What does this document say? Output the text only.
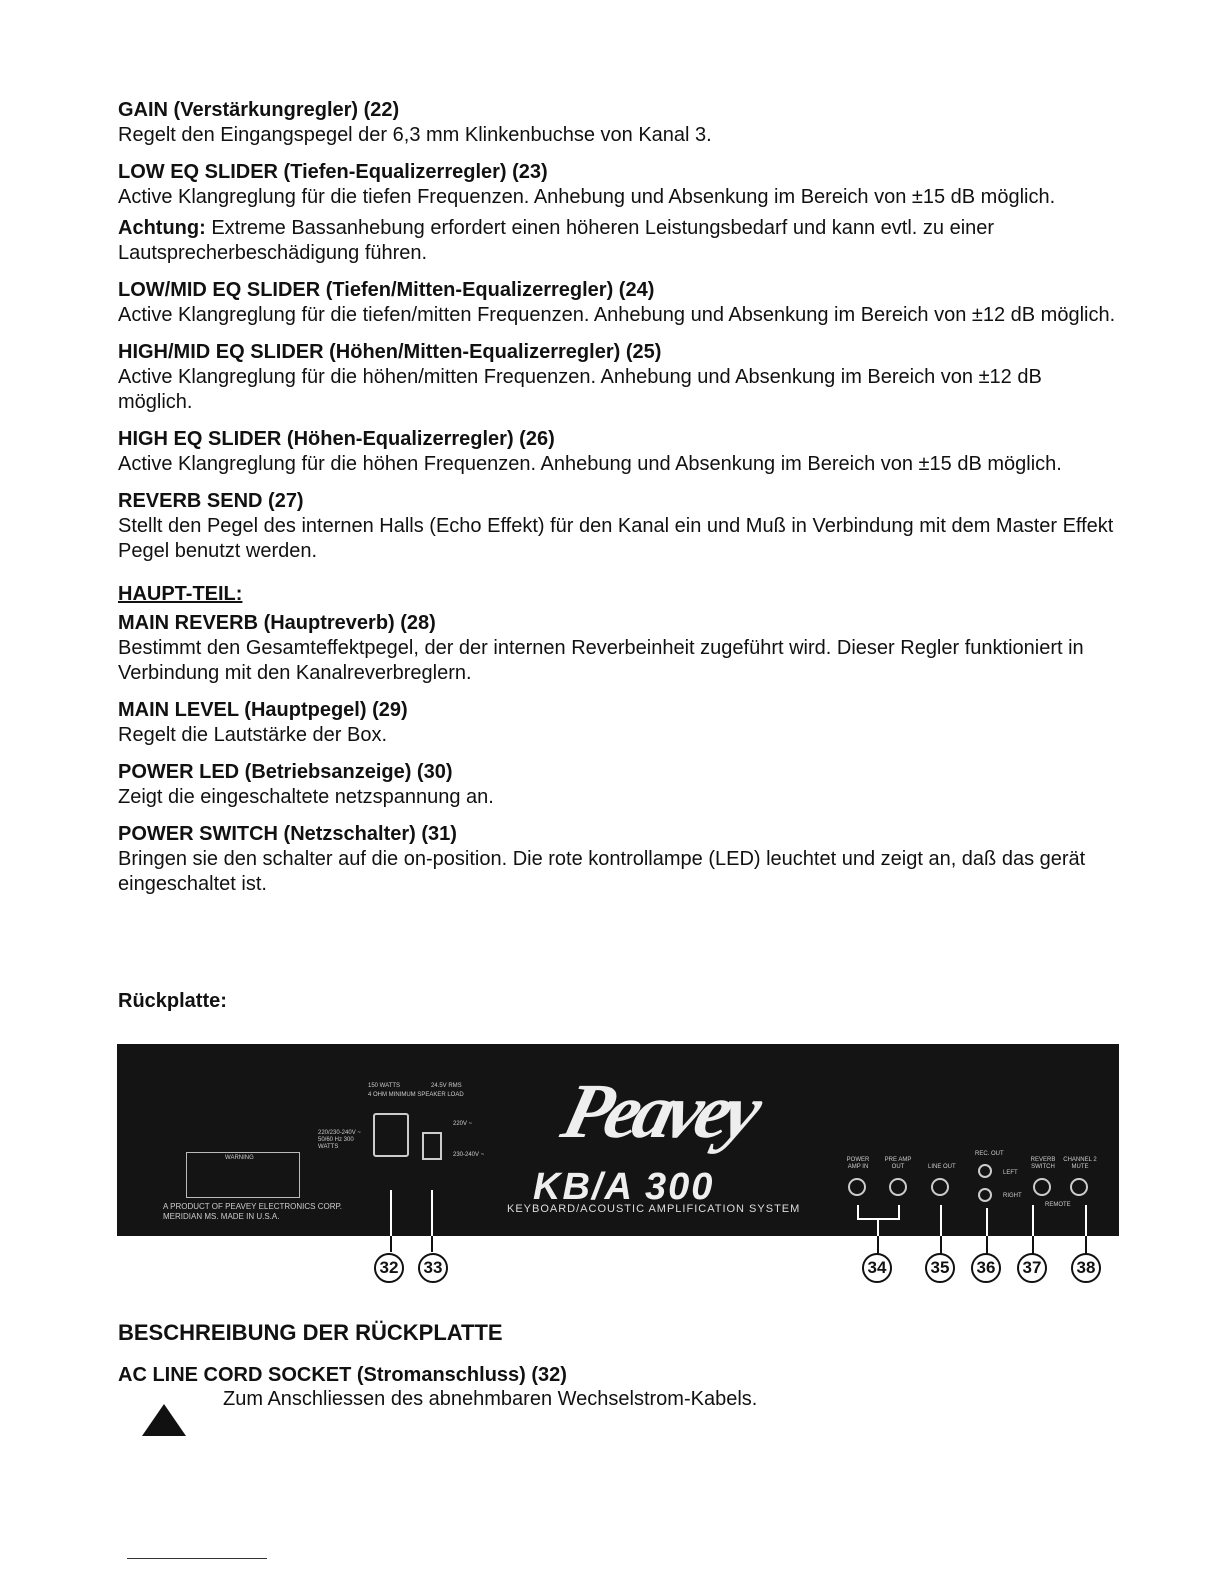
GAIN (Verstärkungregler) (22)

Regelt den Eingangspegel der 6,3 mm Klinkenbuchse von Kanal 3.

LOW EQ SLIDER (Tiefen-Equalizerregler) (23)

Active Klangreglung für die tiefen Frequenzen. Anhebung und Absenkung im Bereich von ±15 dB möglich.

Achtung: Extreme Bassanhebung erfordert einen höheren Leistungsbedarf und kann evtl. zu einer Lautsprecherbeschädigung führen.

LOW/MID EQ SLIDER (Tiefen/Mitten-Equalizerregler) (24)

Active Klangreglung für die tiefen/mitten Frequenzen. Anhebung und Absenkung im Bereich von ±12 dB möglich.

HIGH/MID EQ SLIDER (Höhen/Mitten-Equalizerregler) (25)

Active Klangreglung für die höhen/mitten Frequenzen. Anhebung und Absenkung im Bereich von ±12 dB möglich.

HIGH EQ SLIDER (Höhen-Equalizerregler) (26)

Active Klangreglung für die höhen Frequenzen. Anhebung und Absenkung im Bereich von ±15 dB möglich.

REVERB SEND (27)

Stellt den Pegel des internen Halls (Echo Effekt) für den Kanal ein und Muß in Verbindung mit dem Master Effekt Pegel benutzt werden.

HAUPT-TEIL:
MAIN REVERB (Hauptreverb) (28)

Bestimmt den Gesamteffektpegel, der der internen Reverbeinheit zugeführt wird. Dieser Regler funktioniert in Verbindung mit den Kanalreverbreglern.

MAIN LEVEL (Hauptpegel) (29)

Regelt die Lautstärke der Box.

POWER LED (Betriebsanzeige) (30)

Zeigt die eingeschaltete netzspannung an.

POWER SWITCH (Netzschalter) (31)

Bringen sie den schalter auf die on-position. Die rote kontrollampe (LED) leuchtet und zeigt an, daß das gerät eingeschaltet ist.

Rückplatte:
Peavey
KB/A 300
KEYBOARD/ACOUSTIC AMPLIFICATION SYSTEM
A PRODUCT OF PEAVEY ELECTRONICS CORP.
MERIDIAN MS. MADE IN U.S.A.
WARNING
150 WATTS	24.5V RMS
4 OHM MINIMUM SPEAKER LOAD
220/230-240V ~ 50/60 Hz 300 WATTS
220V ~
230-240V ~
POWER AMP IN
PRE AMP OUT	LINE OUT
REC. OUT
LEFT
RIGHT
REVERB SWITCH
CHANNEL 2 MUTE
REMOTE
32	33	34	35	36	37	38
BESCHREIBUNG DER RÜCKPLATTE
AC LINE CORD SOCKET (Stromanschluss) (32)
Zum Anschliessen des abnehmbaren Wechselstrom-Kabels.
